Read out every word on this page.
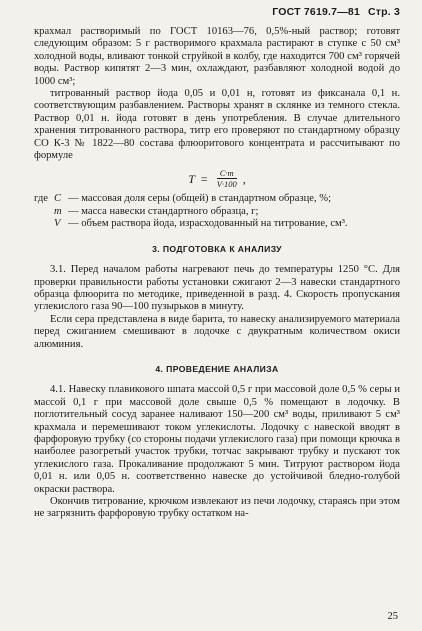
ГОСТ 7619.7—81 Стр. 3

крахмал растворимый по ГОСТ 10163—76, 0,5%-ный раствор; готовят следующим образом: 5 г растворимого крахмала растирают в ступке с 50 см³ холодной воды, вливают тонкой струйкой в колбу, где находится 700 см³ горячей воды. Раствор кипятят 2—3 мин, охлаждают, разбавляют холодной водой до 1000 см³;

титрованный раствор йода 0,05 и 0,01 н, готовят из фиксанала 0,1 н. соответствующим разбавлением. Растворы хранят в склянке из темного стекла. Раствор 0,01 н. йода готовят в день употребления. В случае длительного хранения титрованного раствора, титр его проверяют по стандартному образцу СО К-3 № 1822—80 состава флюоритового концентрата и рассчитывают по формуле

$T = \frac{C\cdot m}{V\cdot 100}$ ,
где C — массовая доля серы (общей) в стандартном образце, %;
m — масса навески стандартного образца, г;
V — объем раствора йода, израсходованный на титрование, см³.
3. ПОДГОТОВКА К АНАЛИЗУ

3.1. Перед началом работы нагревают печь до температуры 1250 °С. Для проверки правильности работы установки сжигают 2—3 навески стандартного образца флюорита по методике, приведенной в разд. 4. Скорость пропускания углекислого газа 90—100 пузырьков в минуту.

Если сера представлена в виде барита, то навеску анализируемого материала перед сжиганием смешивают в лодочке с двукратным количеством окиси алюминия.

4. ПРОВЕДЕНИЕ АНАЛИЗА

4.1. Навеску плавикового шпата массой 0,5 г при массовой доле 0,5 % серы и массой 0,1 г при массовой доле свыше 0,5 % помещают в лодочку. В поглотительный сосуд заранее наливают 150—200 см³ воды, приливают 5 см³ крахмала и перемешивают током углекислоты. Лодочку с навеской вводят в фарфоровую трубку (со стороны подачи углекислого газа) при помощи крючка в наиболее разогретый участок трубки, тотчас закрывают трубку и пускают ток углекислого газа. Прокаливание продолжают 5 мин. Титруют раствором йода 0,01 н. или 0,05 н. соответственно навеске до устойчивой бледно-голубой окраски раствора.

Окончив титрование, крючком извлекают из печи лодочку, стараясь при этом не загрязнить фарфоровую трубку остатком на-

25
